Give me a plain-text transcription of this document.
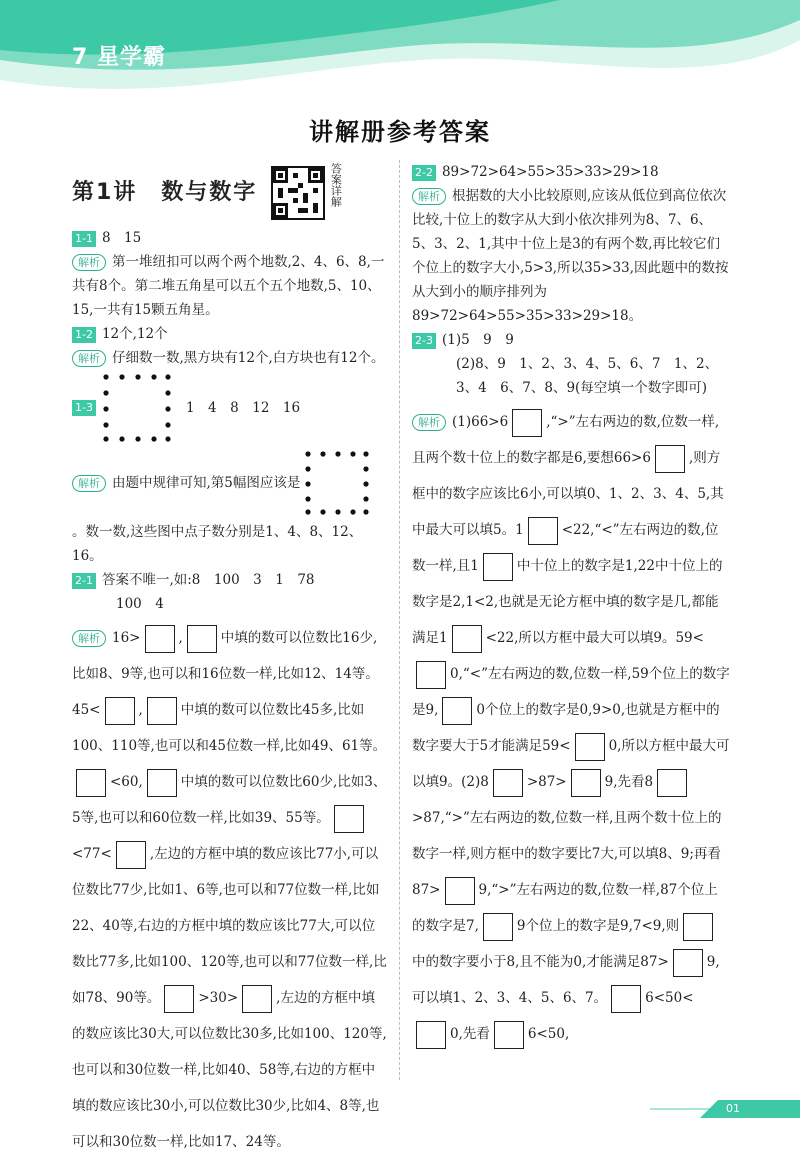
7 星学霸
讲解册参考答案
第1讲　数与数字	答案详解

1-1 8　15

解析 第一堆纽扣可以两个两个地数,2、4、6、8,一共有8个。第二堆五角星可以五个五个地数,5、10、15,一共有15颗五角星。

1-2 12个,12个

解析 仔细数一数,黑方块有12个,白方块也有12个。

1-3	1　4　8　12　16

解析 由题中规律可知,第5幅图应该是
。数一数,这些图中点子数分别是1、4、8、12、16。

2-1 答案不唯一,如:8　100　3　1　78

100　4

解析 16>	,	中填的数可以位数比16少,比如8、9等,也可以和16位数一样,比如12、14等。45<	,	中填的数可以位数比45多,比如100、110等,也可以和45位数一样,比如49、61等。<60,	中填的数可以位数比60少,比如3、5等,也可以和60位数一样,比如39、55等。<77<	,左边的方框中填的数应该比77小,可以位数比77少,比如1、6等,也可以和77位数一样,比如22、40等,右边的方框中填的数应该比77大,可以位数比77多,比如100、120等,也可以和77位数一样,比如78、90等。	>30>	,左边的方框中填的数应该比30大,可以位数比30多,比如100、120等,也可以和30位数一样,比如40、58等,右边的方框中填的数应该比30小,可以位数比30少,比如4、8等,也可以和30位数一样,比如17、24等。

2-2 89>72>64>55>35>33>29>18

解析 根据数的大小比较原则,应该从低位到高位依次比较,十位上的数字从大到小依次排列为8、7、6、5、3、2、1,其中十位上是3的有两个数,再比较它们个位上的数字大小,5>3,所以35>33,因此题中的数按从大到小的顺序排列为89>72>64>55>35>33>29>18。

2-3 (1)5　9　9

(2)8、9　1、2、3、4、5、6、7　1、2、3、4　6、7、8、9(每空填一个数字即可)

解析 (1)66>6	,“>”左右两边的数,位数一样,且两个数十位上的数字都是6,要想66>6	,则方框中的数字应该比6小,可以填0、1、2、3、4、5,其中最大可以填5。1	<22,“<”左右两边的数,位数一样,且1	中十位上的数字是1,22中十位上的数字是2,1<2,也就是无论方框中填的数字是几,都能满足1	<22,所以方框中最大可以填9。59<0,“<”左右两边的数,位数一样,59个位上的数字是9,	0个位上的数字是0,9>0,也就是方框中的数字要大于5才能满足59<	0,所以方框中最大可以填9。(2)8	>87>	9,先看8>87,“>”左右两边的数,位数一样,且两个数十位上的数字一样,则方框中的数字要比7大,可以填8、9;再看87>	9,“>”左右两边的数,位数一样,87个位上的数字是7,	9个位上的数字是9,7<9,则中的数字要小于8,且不能为0,才能满足87>	9,可以填1、2、3、4、5、6、7。	6<50<0,先看	6<50,

01
